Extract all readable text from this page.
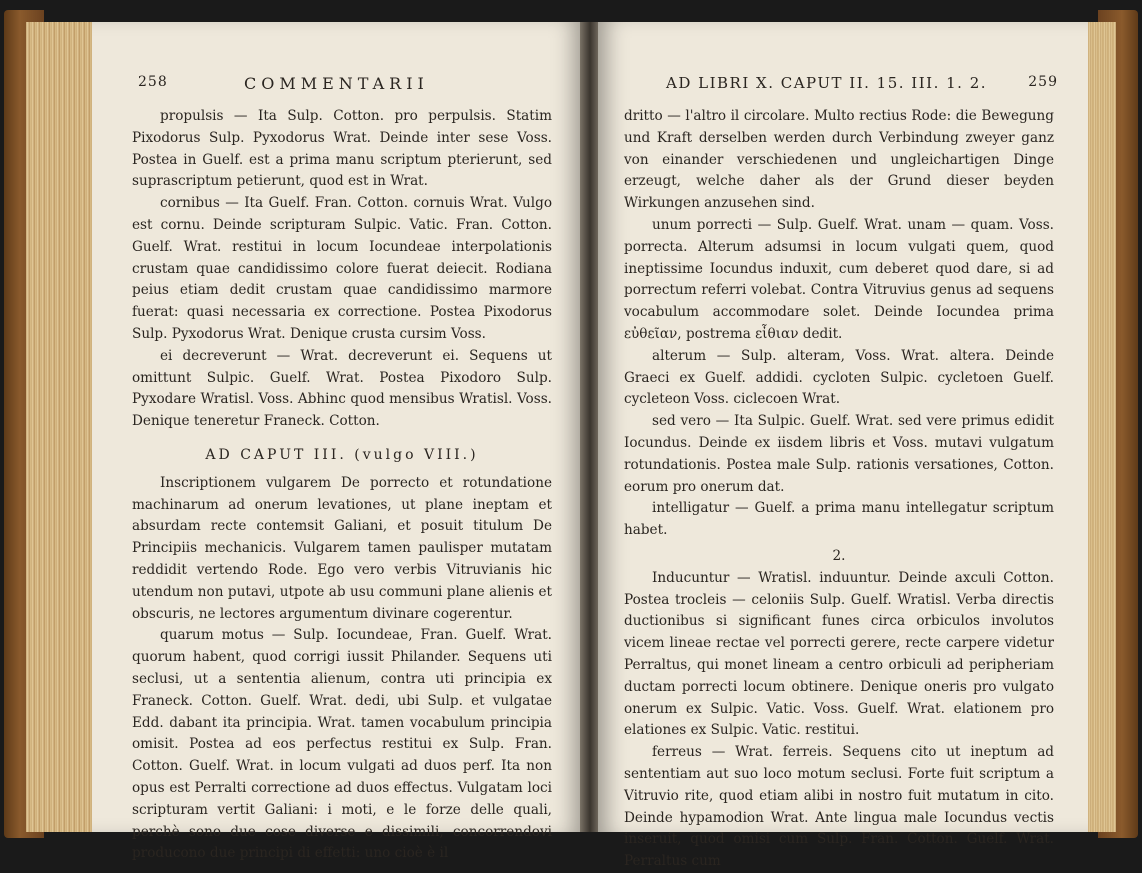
258	COMMENTARII

propulsis — Ita Sulp. Cotton. pro perpulsis. Statim Pixodorus Sulp. Pyxodorus Wrat. Deinde inter sese Voss. Postea in Guelf. est a prima manu scriptum pterierunt, sed suprascriptum petierunt, quod est in Wrat.

cornibus — Ita Guelf. Fran. Cotton. cornuis Wrat. Vulgo est cornu. Deinde scripturam Sulpic. Vatic. Fran. Cotton. Guelf. Wrat. restitui in locum Iocundeae interpolationis crustam quae candidissimo colore fuerat deiecit. Rodiana peius etiam dedit crustam quae candidissimo marmore fuerat: quasi necessaria ex correctione. Postea Pixodorus Sulp. Pyxodorus Wrat. Denique crusta cursim Voss.

ei decreverunt — Wrat. decreverunt ei. Sequens ut omittunt Sulpic. Guelf. Wrat. Postea Pixodoro Sulp. Pyxodare Wratisl. Voss. Abhinc quod mensibus Wratisl. Voss. Denique teneretur Franeck. Cotton.

AD CAPUT III. (vulgo VIII.)

Inscriptionem vulgarem De porrecto et rotundatione machinarum ad onerum levationes, ut plane ineptam et absurdam recte contemsit Galiani, et posuit titulum De Principiis mechanicis. Vulgarem tamen paulisper mutatam reddidit vertendo Rode. Ego vero verbis Vitruvianis hic utendum non putavi, utpote ab usu communi plane alienis et obscuris, ne lectores argumentum divinare cogerentur.

quarum motus — Sulp. Iocundeae, Fran. Guelf. Wrat. quorum habent, quod corrigi iussit Philander. Sequens uti seclusi, ut a sententia alienum, contra uti principia ex Franeck. Cotton. Guelf. Wrat. dedi, ubi Sulp. et vulgatae Edd. dabant ita principia. Wrat. tamen vocabulum principia omisit. Postea ad eos perfectus restitui ex Sulp. Fran. Cotton. Guelf. Wrat. in locum vulgati ad duos perf. Ita non opus est Perralti correctione ad duos effectus. Vulgatam loci scripturam vertit Galiani: i moti, e le forze delle quali, perchè sono due cose diverse e dissimili, concorrendovi producono due principi di effetti: uno cioè è il

AD LIBRI X. CAPUT II. 15. III. 1. 2.	259

dritto — l'altro il circolare. Multo rectius Rode: die Bewegung und Kraft derselben werden durch Verbindung zweyer ganz von einander verschiedenen und ungleichartigen Dinge erzeugt, welche daher als der Grund dieser beyden Wirkungen anzusehen sind.

unum porrecti — Sulp. Guelf. Wrat. unam — quam. Voss. porrecta. Alterum adsumsi in locum vulgati quem, quod ineptissime Iocundus induxit, cum deberet quod dare, si ad porrectum referri volebat. Contra Vitruvius genus ad sequens vocabulum accommodare solet. Deinde Iocundea prima εὐθεῖαν, postrema εἶθιαν dedit.

alterum — Sulp. alteram, Voss. Wrat. altera. Deinde Graeci ex Guelf. addidi. cycloten Sulpic. cycletoen Guelf. cycleteon Voss. ciclecoen Wrat.

sed vero — Ita Sulpic. Guelf. Wrat. sed vere primus edidit Iocundus. Deinde ex iisdem libris et Voss. mutavi vulgatum rotundationis. Postea male Sulp. rationis versationes, Cotton. eorum pro onerum dat.

intelligatur — Guelf. a prima manu intellegatur scriptum habet.

2.

Inducuntur — Wratisl. induuntur. Deinde axculi Cotton. Postea trocleis — celoniis Sulp. Guelf. Wratisl. Verba directis ductionibus si significant funes circa orbiculos involutos vicem lineae rectae vel porrecti gerere, recte carpere videtur Perraltus, qui monet lineam a centro orbiculi ad peripheriam ductam porrecti locum obtinere. Denique oneris pro vulgato onerum ex Sulpic. Vatic. Voss. Guelf. Wrat. elationem pro elationes ex Sulpic. Vatic. restitui.

ferreus — Wrat. ferreis. Sequens cito ut ineptum ad sententiam aut suo loco motum seclusi. Forte fuit scriptum a Vitruvio rite, quod etiam alibi in nostro fuit mutatum in cito. Deinde hypamodion Wrat. Ante lingua male Iocundus vectis inseruit, quod omisi cum Sulp. Fran. Cotton. Guelf. Wrat. Perraltus cum
